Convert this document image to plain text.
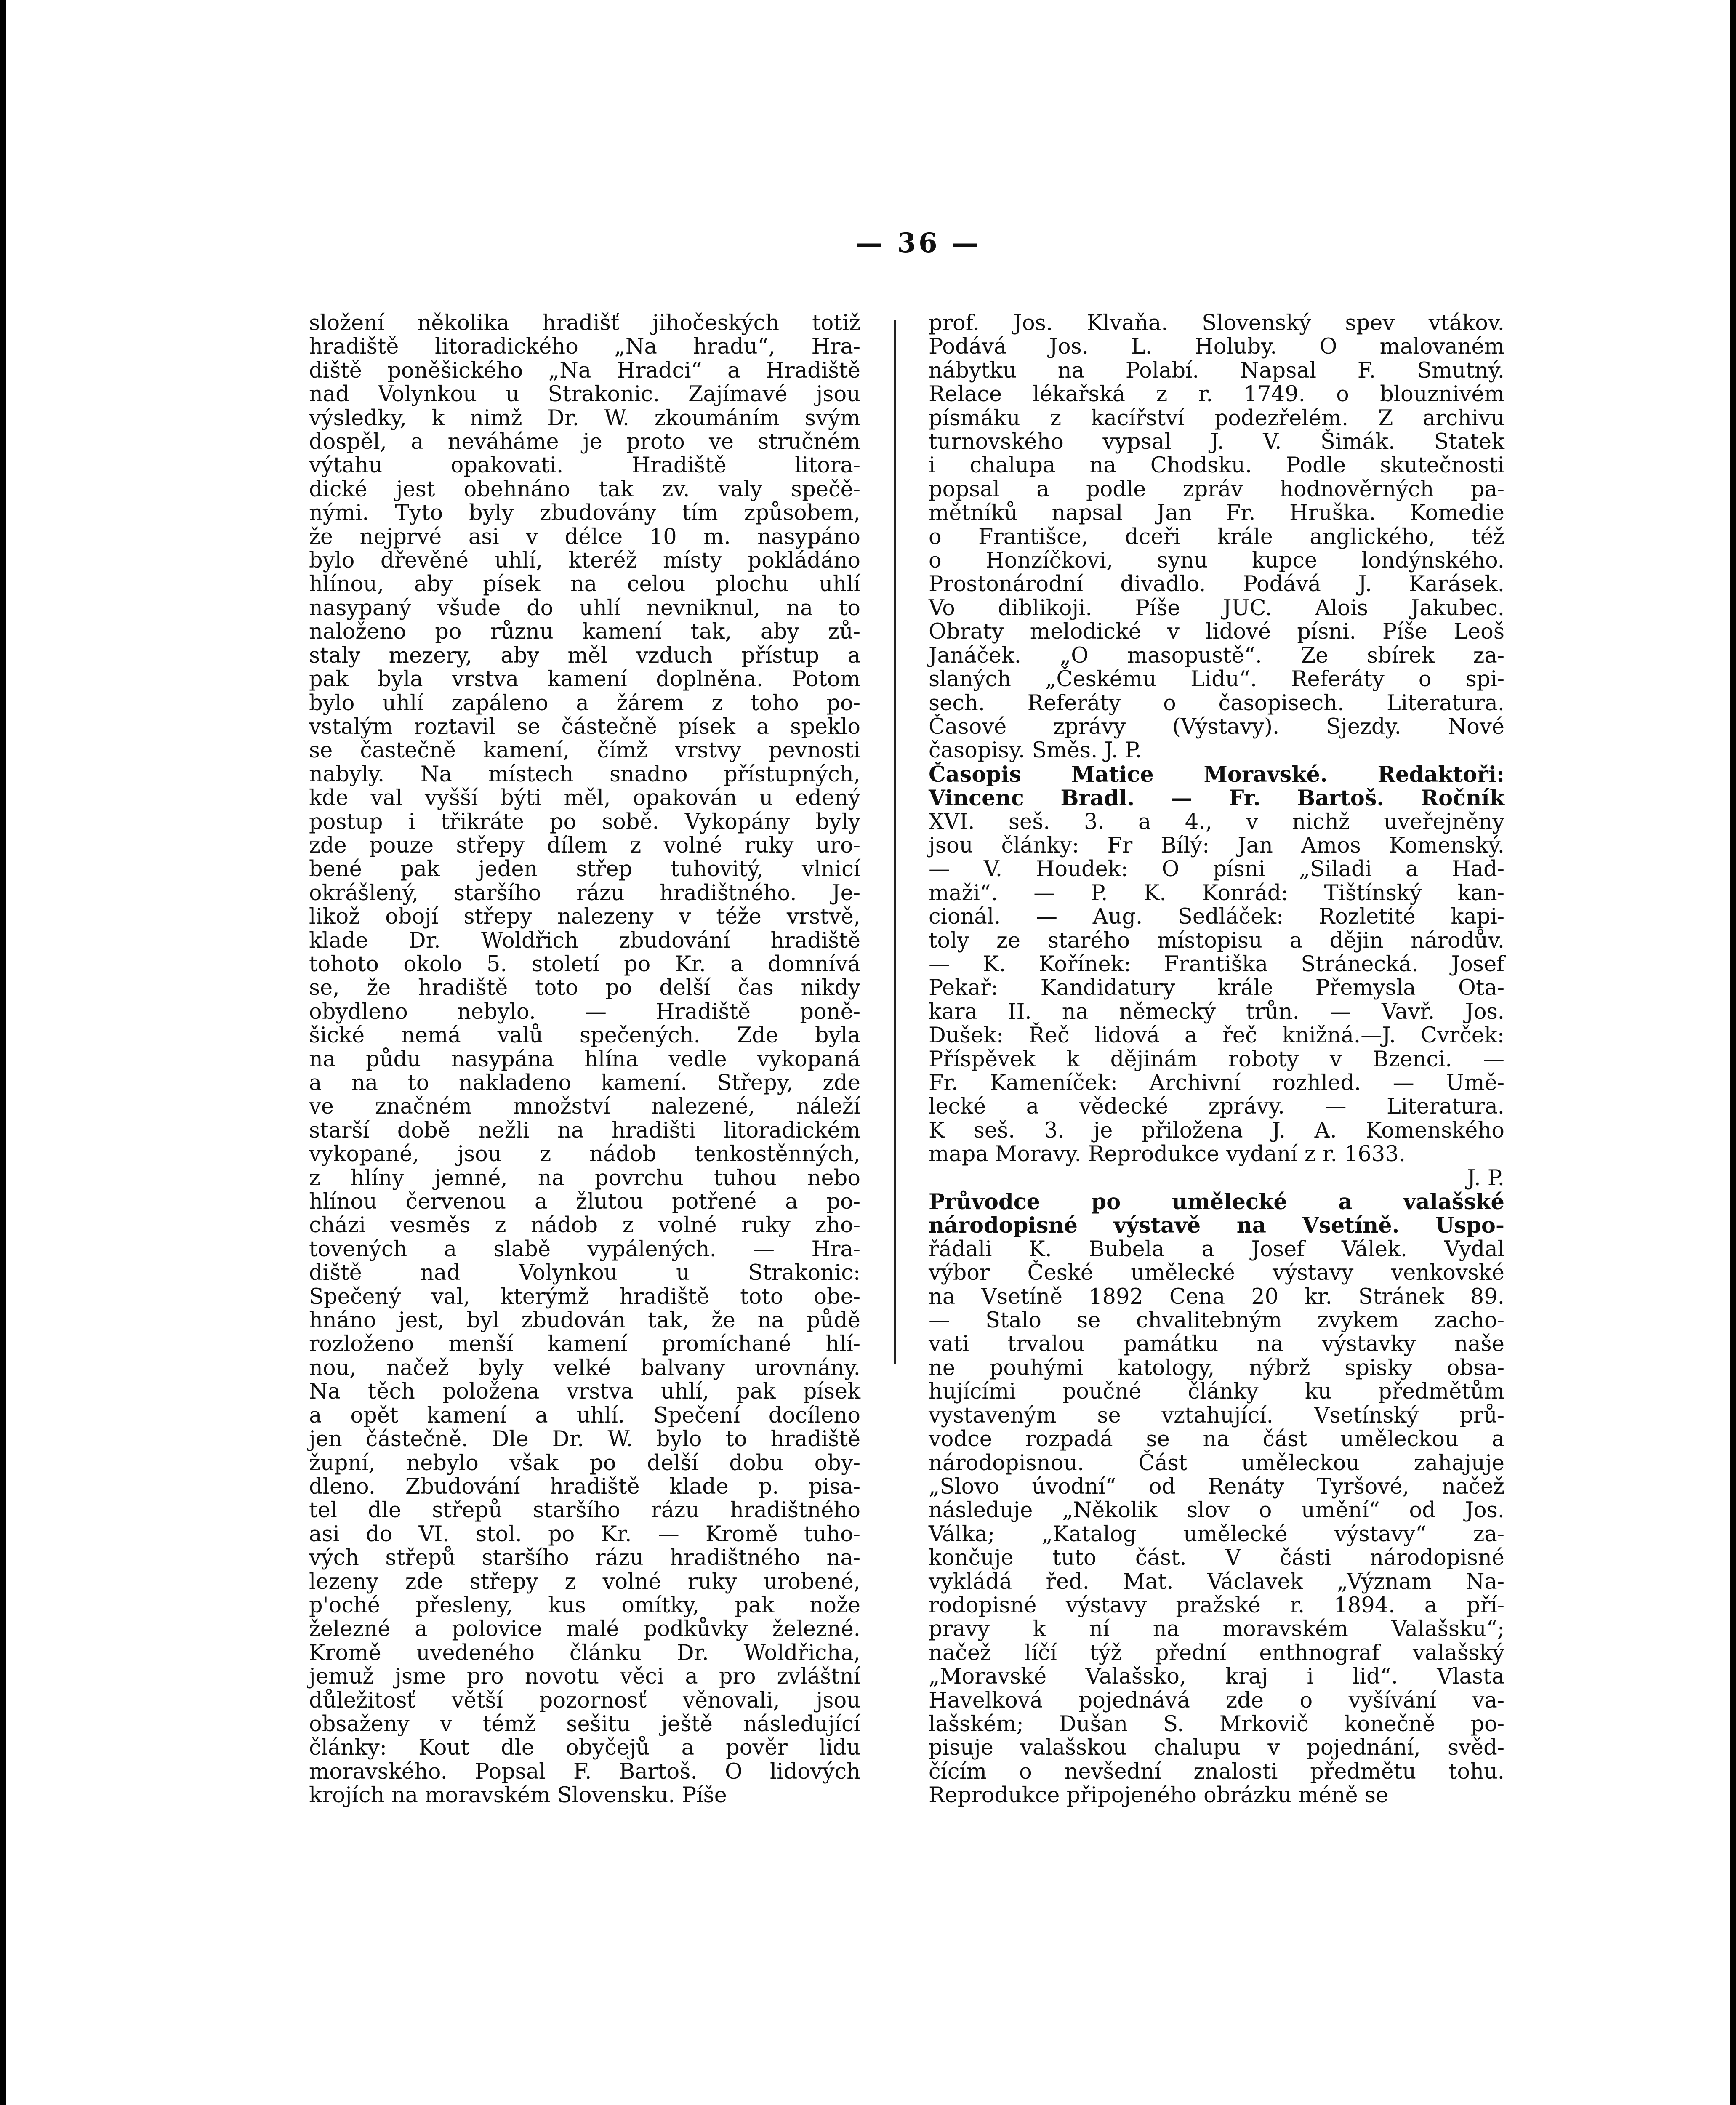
— 36 —
složení několika hradišť jihočeských totiž
hradiště litoradického „Na hradu“, Hra-
diště poněšického „Na Hradci“ a Hradiště
nad Volynkou u Strakonic. Zajímavé jsou
výsledky, k nimž Dr. W. zkoumáním svým
dospěl, a neváháme je proto ve stručném
výtahu opakovati. Hradiště litora-
dické jest obehnáno tak zv. valy spečě-
nými. Tyto byly zbudovány tím způsobem,
že nejprvé asi v délce 10 m. nasypáno
bylo dřevěné uhlí, kteréž místy pokládáno
hlínou, aby písek na celou plochu uhlí
nasypaný všude do uhlí nevniknul, na to
naloženo po různu kamení tak, aby zů-
staly mezery, aby měl vzduch přístup a
pak byla vrstva kamení doplněna. Potom
bylo uhlí zapáleno a žárem z toho po-
vstalým roztavil se částečně písek a speklo
se častečně kamení, čímž vrstvy pevnosti
nabyly. Na místech snadno přístupných,
kde val vyšší býti měl, opakován u edený
postup i třikráte po sobě. Vykopány byly
zde pouze střepy dílem z volné ruky uro-
bené pak jeden střep tuhovitý, vlnicí
okrášlený, staršího rázu hradištného. Je-
likož obojí střepy nalezeny v téže vrstvě,
klade Dr. Woldřich zbudování hradiště
tohoto okolo 5. století po Kr. a domnívá
se, že hradiště toto po delší čas nikdy
obydleno nebylo. — Hradiště poně-
šické nemá valů spečených. Zde byla
na půdu nasypána hlína vedle vykopaná
a na to nakladeno kamení. Střepy, zde
ve značném množství nalezené, náleží
starší době nežli na hradišti litoradickém
vykopané, jsou z nádob tenkostěnných,
z hlíny jemné, na povrchu tuhou nebo
hlínou červenou a žlutou potřené a po-
cházi vesměs z nádob z volné ruky zho-
tovených a slabě vypálených. — Hra-
diště nad Volynkou u Strakonic:
Spečený val, kterýmž hradiště toto obe-
hnáno jest, byl zbudován tak, že na půdě
rozloženo menší kamení promíchané hlí-
nou, načež byly velké balvany urovnány.
Na těch položena vrstva uhlí, pak písek
a opět kamení a uhlí. Spečení docíleno
jen částečně. Dle Dr. W. bylo to hradiště
župní, nebylo však po delší dobu oby-
dleno. Zbudování hradiště klade p. pisa-
tel dle střepů staršího rázu hradištného
asi do VI. stol. po Kr. — Kromě tuho-
vých střepů staršího rázu hradištného na-
lezeny zde střepy z volné ruky urobené,
p'oché přesleny, kus omítky, pak nože
železné a polovice malé podkůvky železné.
Kromě uvedeného článku Dr. Woldřicha,
jemuž jsme pro novotu věci a pro zvláštní
důležitosť větší pozornosť věnovali, jsou
obsaženy v témž sešitu ještě následující
články: Kout dle obyčejů a pověr lidu
moravského. Popsal F. Bartoš. O lidových
krojích na moravském Slovensku. Píše
prof. Jos. Klvaňa. Slovenský spev vtákov.
Podává Jos. L. Holuby. O malovaném
nábytku na Polabí. Napsal F. Smutný.
Relace lékařská z r. 1749. o blouznivém
písmáku z kacířství podezřelém. Z archivu
turnovského vypsal J. V. Šimák. Statek
i chalupa na Chodsku. Podle skutečnosti
popsal a podle zpráv hodnověrných pa-
mětníků napsal Jan Fr. Hruška. Komedie
o Františce, dceři krále anglického, též
o Honzíčkovi, synu kupce londýnského.
Prostonárodní divadlo. Podává J. Karásek.
Vo diblikoji. Píše JUC. Alois Jakubec.
Obraty melodické v lidové písni. Píše Leoš
Janáček. „O masopustě“. Ze sbírek za-
slaných „Českému Lidu“. Referáty o spi-
sech. Referáty o časopisech. Literatura.
Časové zprávy (Výstavy). Sjezdy. Nové
časopisy. Směs. J. P.
Časopis Matice Moravské. Redaktoři:
Vincenc Bradl. — Fr. Bartoš. Ročník
XVI. seš. 3. a 4., v nichž uveřejněny
jsou články: Fr Bílý: Jan Amos Komenský.
— V. Houdek: O písni „Siladi a Had-
maži“. — P. K. Konrád: Tištínský kan-
cionál. — Aug. Sedláček: Rozletité kapi-
toly ze starého místopisu a dějin národův.
— K. Kořínek: Františka Stránecká. Josef
Pekař: Kandidatury krále Přemysla Ota-
kara II. na německý trůn. — Vavř. Jos.
Dušek: Řeč lidová a řeč knižná.—J. Cvrček:
Příspěvek k dějinám roboty v Bzenci. —
Fr. Kameníček: Archivní rozhled. — Umě-
lecké a vědecké zprávy. — Literatura.
K seš. 3. je přiložena J. A. Komenského
mapa Moravy. Reprodukce vydaní z r. 1633.
J. P.
Průvodce po umělecké a valašské
národopisné výstavě na Vsetíně. Uspo-
řádali K. Bubela a Josef Válek. Vydal
výbor České umělecké výstavy venkovské
na Vsetíně 1892 Cena 20 kr. Stránek 89.
— Stalo se chvalitebným zvykem zacho-
vati trvalou památku na výstavky naše
ne pouhými katology, nýbrž spisky obsa-
hujícími poučné články ku předmětům
vystaveným se vztahující. Vsetínský prů-
vodce rozpadá se na část uměleckou a
národopisnou. Část uměleckou zahajuje
„Slovo úvodní“ od Renáty Tyršové, načež
následuje „Několik slov o umění“ od Jos.
Válka; „Katalog umělecké výstavy“ za-
končuje tuto část. V části národopisné
vykládá řed. Mat. Václavek „Význam Na-
rodopisné výstavy pražské r. 1894. a pří-
pravy k ní na moravském Valašsku“;
načež líčí týž přední enthnograf valašský
„Moravské Valašsko, kraj i lid“. Vlasta
Havelková pojednává zde o vyšívání va-
lašském; Dušan S. Mrkovič konečně po-
pisuje valašskou chalupu v pojednání, svěd-
čícím o nevšední znalosti předmětu tohu.
Reprodukce připojeného obrázku méně se
